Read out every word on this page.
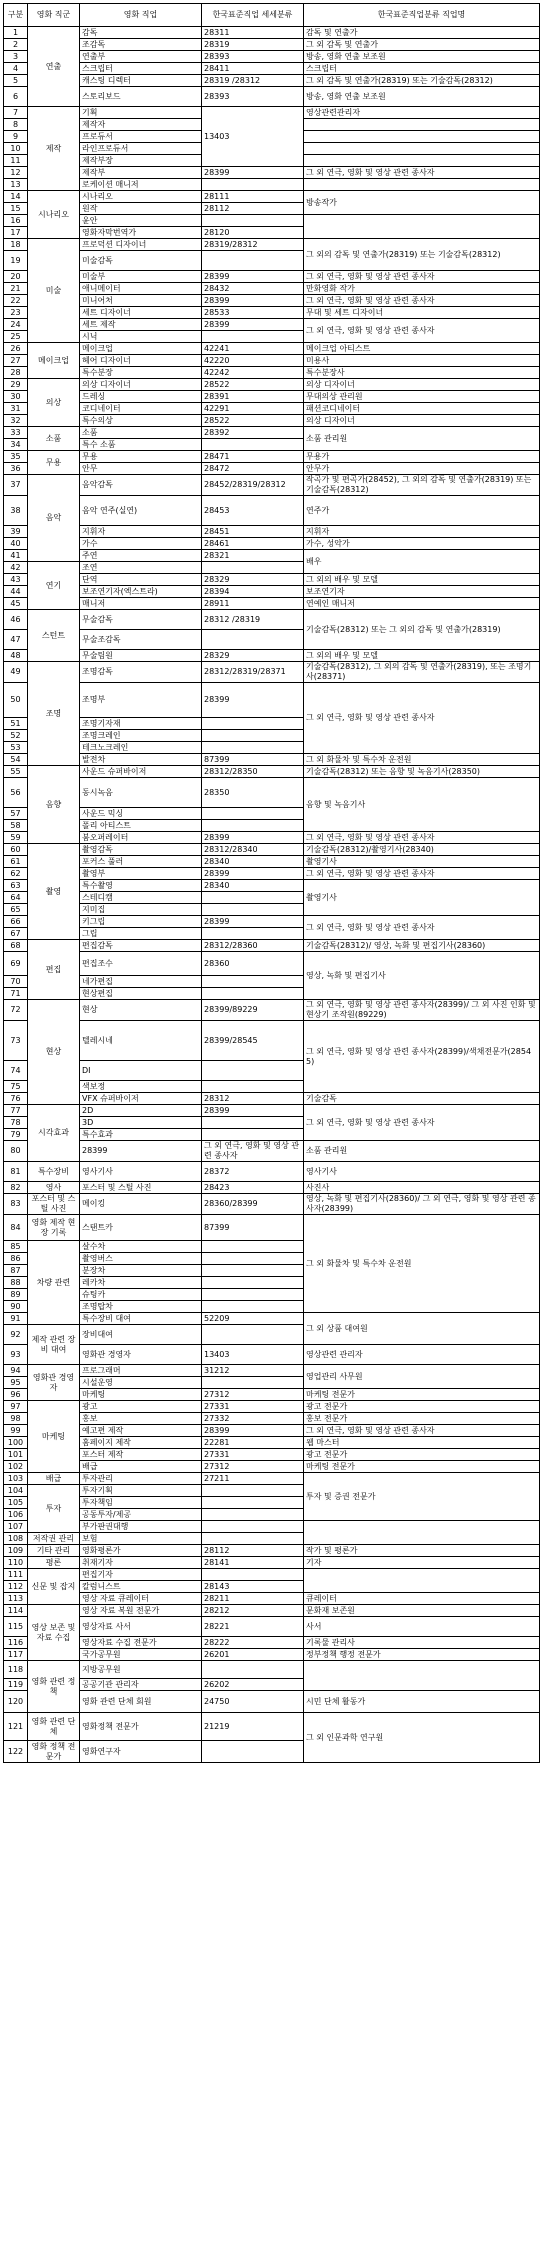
구분	영화 직군	영화 직업	한국표준직업 세세분류	한국표준직업분류 직업명
1	연출	감독	28311	감독 및 연출가
2		조감독	28319	그 외 감독 및 연출가
3		연출부	28393	방송, 영화 연출 보조원
4		스크립터	28411	스크립터
5		캐스팅 디렉터	28319 /28312	그 외 감독 및 연출가(28319) 또는 기술감독(28312)
6		스토리보드	28393	방송, 영화 연출 보조원
7	제작	기획	13403	영상관련관리자
8		제작자		
9		프로듀서		
10		라인프로듀서		
11		제작부장		
12		제작부	28399	그 외 연극, 영화 및 영상 관련 종사자
13		로케이션 매니저		
14	시나리오	시나리오	28111	방송작가
15		원작	28112	
16		윤안		
17		영화자막번역가	28120	
18	미술	프로덕션 디자이너	28319/28312	그 외의 감독 및 연출가(28319) 또는 기술감독(28312)
19		미술감독		
20		미술부	28399	그 외 연극, 영화 및 영상 관련 종사자
21		애니메이터	28432	만화영화 작가
22		미니어처	28399	그 외 연극, 영화 및 영상 관련 종사자
23		세트 디자이너	28533	무대 및 세트 디자이너
24		세트 제작	28399	그 외 연극, 영화 및 영상 관련 종사자
25		시닉		
26	메이크업	메이크업	42241	메이크업 아티스트
27		헤어 디자이너	42220	미용사
28		특수분장	42242	특수분장사
29	의상	의상 디자이너	28522	의상 디자이너
30		드레싱	28391	무대의상 관리원
31		코디네이터	42291	패션코디네이터
32		특수의상	28522	의상 디자이너
33	소품	소품	28392	소품 관리원
34		특수 소품		
35	무용	무용	28471	무용가
36		안무	28472	안무가
37	음악	음악감독	28452/28319/28312	작곡가 및 편곡가(28452), 그 외의 감독 및 연출가(28319) 또는 기술감독(28312)
38		음악 연주(실연)	28453	연주가
39		지휘자	28451	지휘자
40		가수	28461	가수, 성악가
41		주연	28321	배우
42	연기	조연		
43		단역	28329	그 외의 배우 및 모델
44		보조연기자(엑스트라)	28394	보조연기자
45		매니저	28911	연예인 매니저
46	스턴트	무술감독	28312 /28319	기술감독(28312) 또는 그 외의 감독 및 연출가(28319)
47		무술조감독		
48		무술팀원	28329	그 외의 배우 및 모델
49	조명	조명감독	28312/28319/28371	기술감독(28312), 그 외의 감독 및 연출가(28319), 또는 조명기사(28371)
50		조명부	28399	그 외 연극, 영화 및 영상 관련 종사자
51		조명기자재		
52		조명크레인		
53		테크노크레인		
54		발전차	87399	그 외 화물차 및 특수차 운전원
55	음향	사운드 슈퍼바이저	28312/28350	기술감독(28312) 또는 음향 및 녹음기사(28350)
56		동시녹음	28350	음향 및 녹음기사
57		사운드 믹싱		
58		폴리 아티스트		
59		붐오퍼레이터	28399	그 외 연극, 영화 및 영상 관련 종사자
60	촬영	촬영감독	28312/28340	기술감독(28312)/촬영기사(28340)
61		포커스 풀러	28340	촬영기사
62		촬영부	28399	그 외 연극, 영화 및 영상 관련 종사자
63		특수촬영	28340	촬영기사
64		스테디캠		
65		지미집		
66		키그립	28399	그 외 연극, 영화 및 영상 관련 종사자
67		그립		
68	편집	편집감독	28312/28360	기술감독(28312)/ 영상, 녹화 및 편집기사(28360)
69		편집조수	28360	영상, 녹화 및 편집기사
70		네가편집		
71		현상편집		
72	현상	현상	28399/89229	그 외 연극, 영화 및 영상 관련 종사자(28399)/ 그 외 사진 인화 및 현상기 조작원(89229)
73		텔레시네	28399/28545	그 외 연극, 영화 및 영상 관련 종사자(28399)/색채전문가(28545)
74		DI		
75		색보정		
76		VFX 슈퍼바이저	28312	기술감독
77	시각효과	2D	28399	그 외 연극, 영화 및 영상 관련 종사자
78		3D		
79		특수효과		
80		28399	그 외 연극, 영화 및 영상 관련 종사자	소품 관리원
81	특수장비	영사기사	28372	영사기사
82	영사	포스터 및 스틸 사진	28423	사진사
83	포스터 및 스틸 사진	메이킹	28360/28399	영상, 녹화 및 편집기사(28360)/ 그 외 연극, 영화 및 영상 관련 종사자(28399)
84	영화 제작 현장 기록	스탠트카	87399	그 외 화물차 및 특수차 운전원
85	차량 관련	살수차		
86		촬영버스		
87		분장차		
88		레카차		
89		슈팅카		
90		조명탑차		
91		특수장비 대여	52209	그 외 상품 대여원
92	제작 관련 장비 대여	장비대여		
93		영화관 경영자	13403	영상관련 관리자
94	영화관 경영자	프로그래머	31212	영업관리 사무원
95		시설운영		
96		마케팅	27312	마케팅 전문가
97	마케팅	광고	27331	광고 전문가
98		홍보	27332	홍보 전문가
99		예고편 제작	28399	그 외 연극, 영화 및 영상 관련 종사자
100		홈페이지 제작	22281	웹 마스터
101		포스터 제작	27331	광고 전문가
102		배급	27312	마케팅 전문가
103	배급	투자관리	27211	투자 및 증권 전문가
104	투자	투자기획		
105		투자책임		
106		공동투자/제공		
107		부가판권대행		
108	저작권 관리	보험		
109	기타 관리	영화평론가	28112	작가 및 평론가
110	평론	취재기자	28141	기자
111	신문 및 잡지	편집기자		
112		칼럼니스트	28143	
113		영상 자료 큐레이터	28211	큐레이터
114	영상 보존 및 자료 수집	영상 자료 복원 전문가	28212	문화재 보존원
115		영상자료 사서	28221	사서
116		영상자료 수집 전문가	28222	기록물 관리사
117		국가공무원	26201	정부정책 행정 전문가
118	영화 관련 정책	지방공무원		
119		공공기관 관리자	26202	
120		영화 관련 단체 회원	24750	시민 단체 활동가
121	영화 관련 단체	영화정책 전문가	21219	그 외 인문과학 연구원
122	영화 정책 전문가	영화연구자		
